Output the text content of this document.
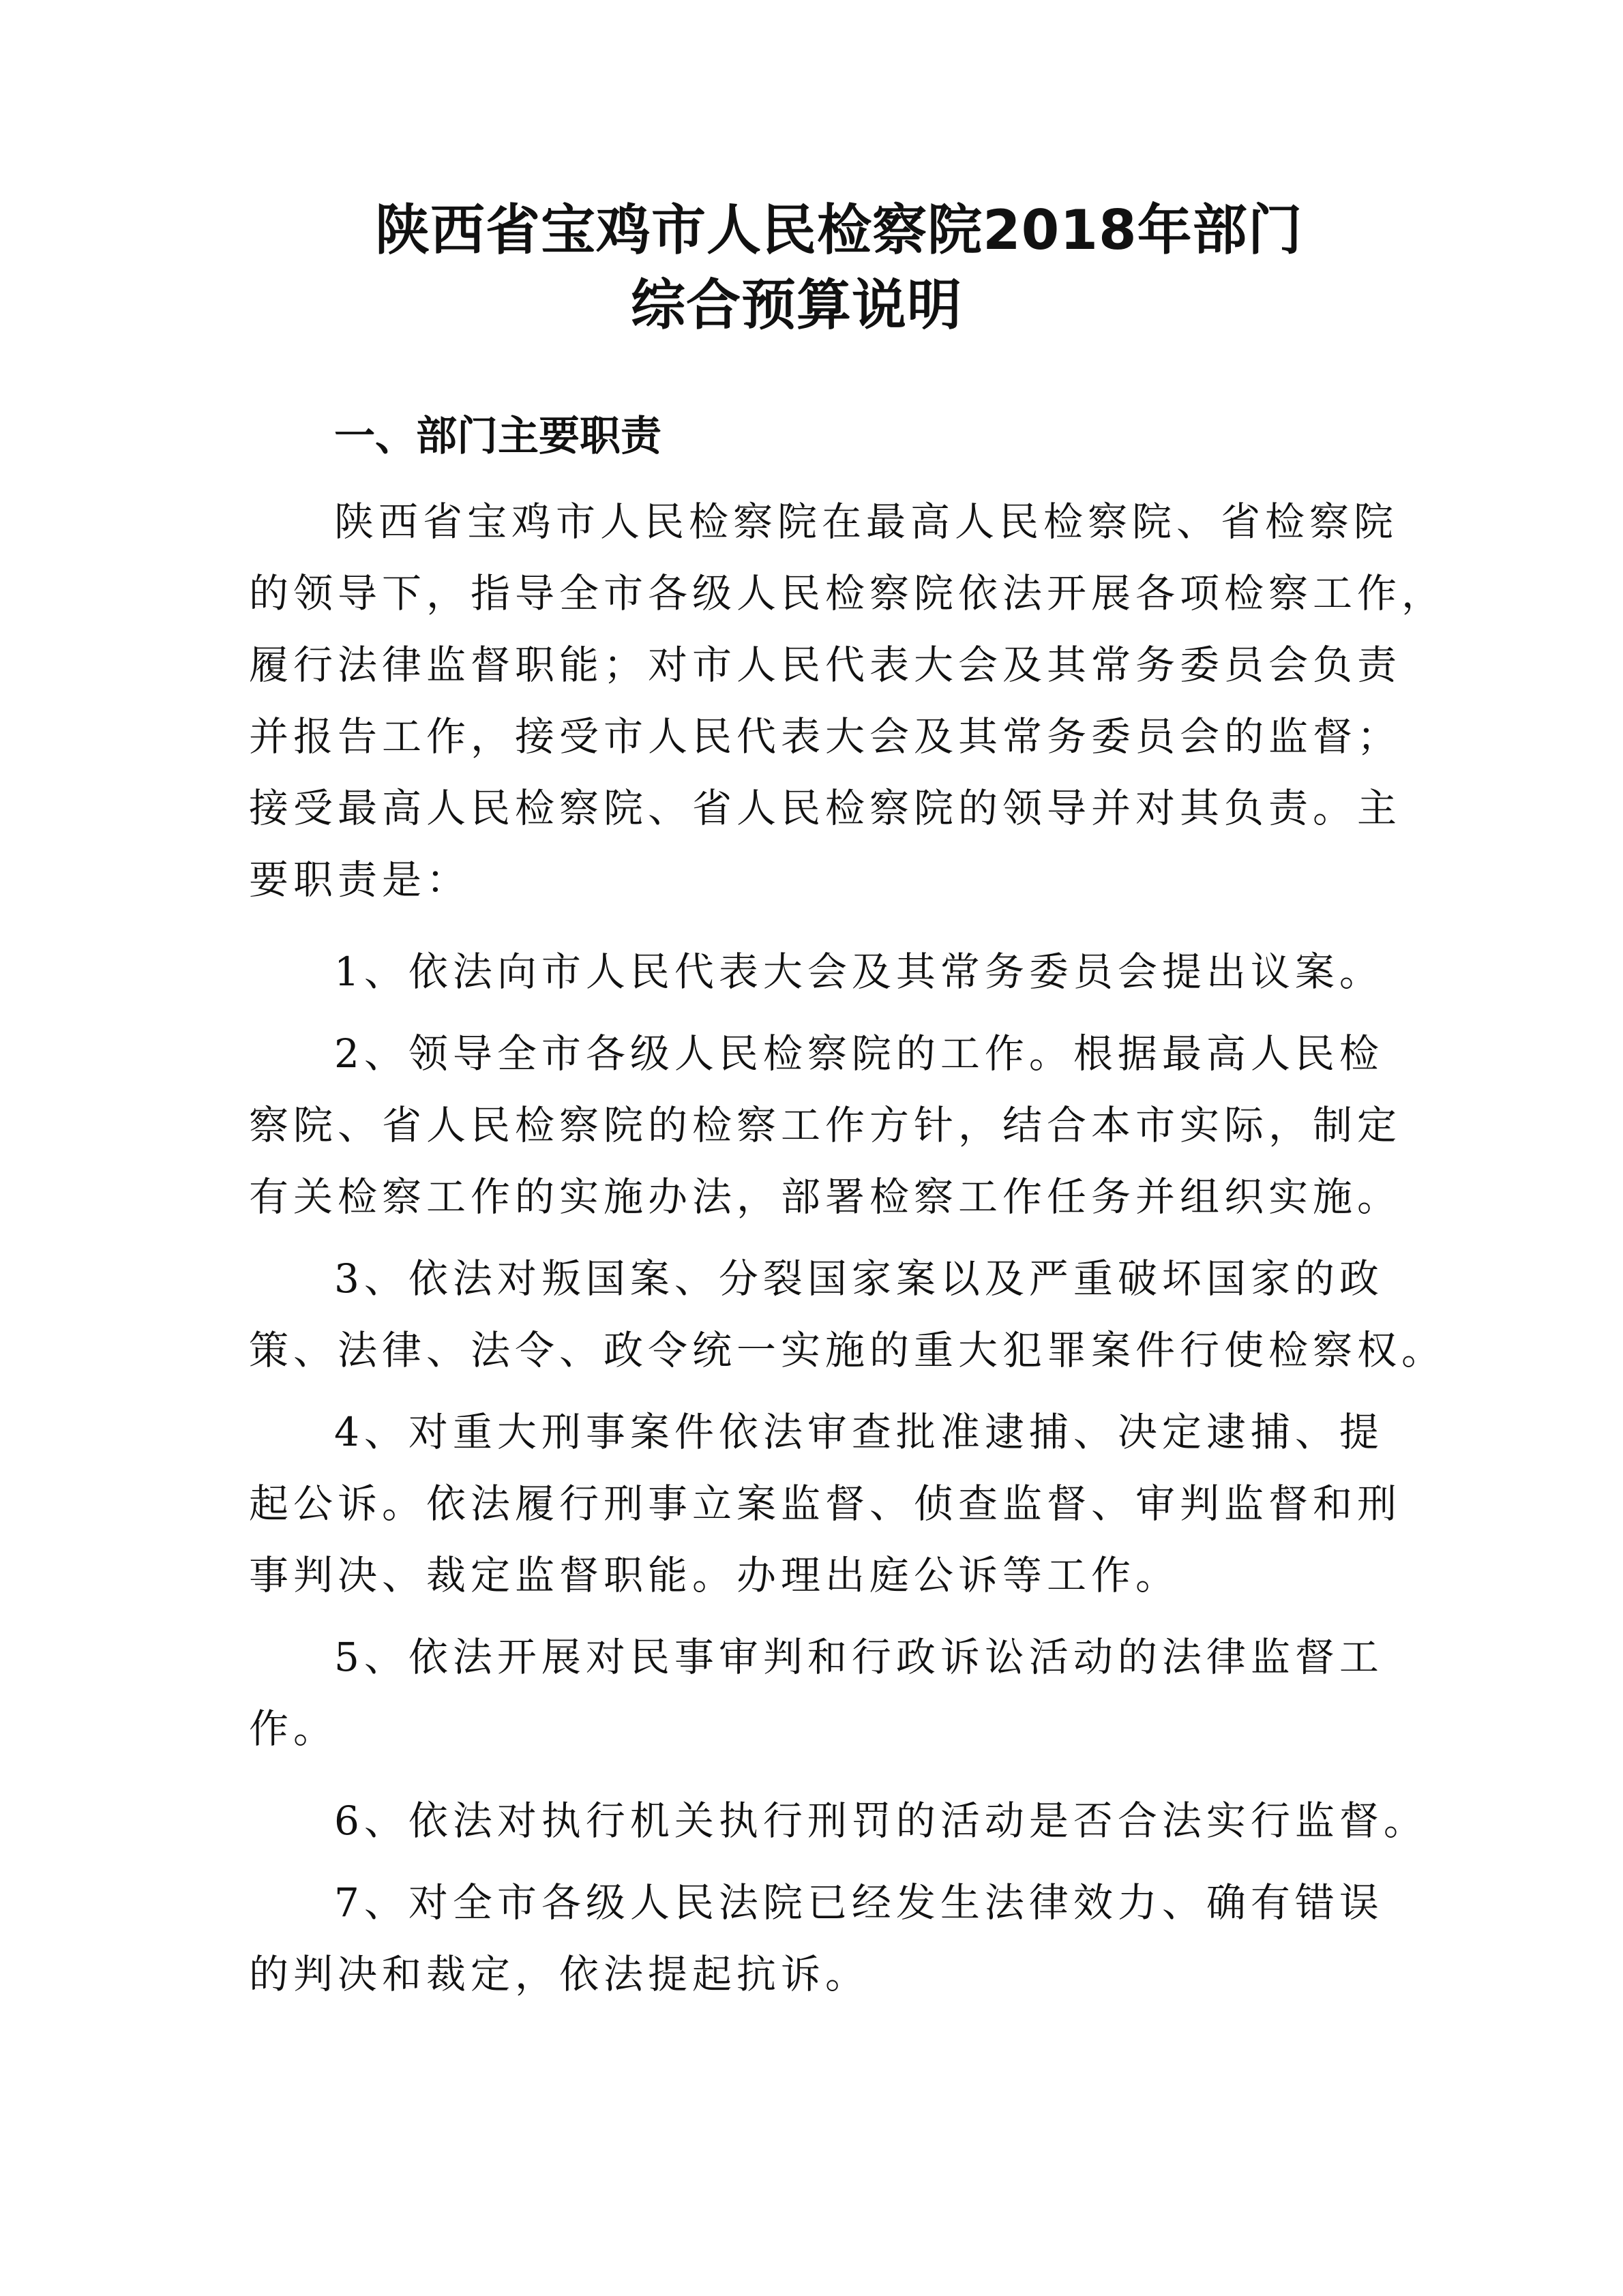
陕西省宝鸡市人民检察院2018年部门
综合预算说明
一、部门主要职责
陕西省宝鸡市人民检察院在最高人民检察院、省检察院
的领导下，指导全市各级人民检察院依法开展各项检察工作，
履行法律监督职能；对市人民代表大会及其常务委员会负责
并报告工作，接受市人民代表大会及其常务委员会的监督；
接受最高人民检察院、省人民检察院的领导并对其负责。主
要职责是：
1、依法向市人民代表大会及其常务委员会提出议案。
2、领导全市各级人民检察院的工作。根据最高人民检
察院、省人民检察院的检察工作方针，结合本市实际，制定
有关检察工作的实施办法，部署检察工作任务并组织实施。
3、依法对叛国案、分裂国家案以及严重破坏国家的政
策、法律、法令、政令统一实施的重大犯罪案件行使检察权。
4、对重大刑事案件依法审查批准逮捕、决定逮捕、提
起公诉。依法履行刑事立案监督、侦查监督、审判监督和刑
事判决、裁定监督职能。办理出庭公诉等工作。
5、依法开展对民事审判和行政诉讼活动的法律监督工
作。
6、依法对执行机关执行刑罚的活动是否合法实行监督。
7、对全市各级人民法院已经发生法律效力、确有错误
的判决和裁定，依法提起抗诉。
